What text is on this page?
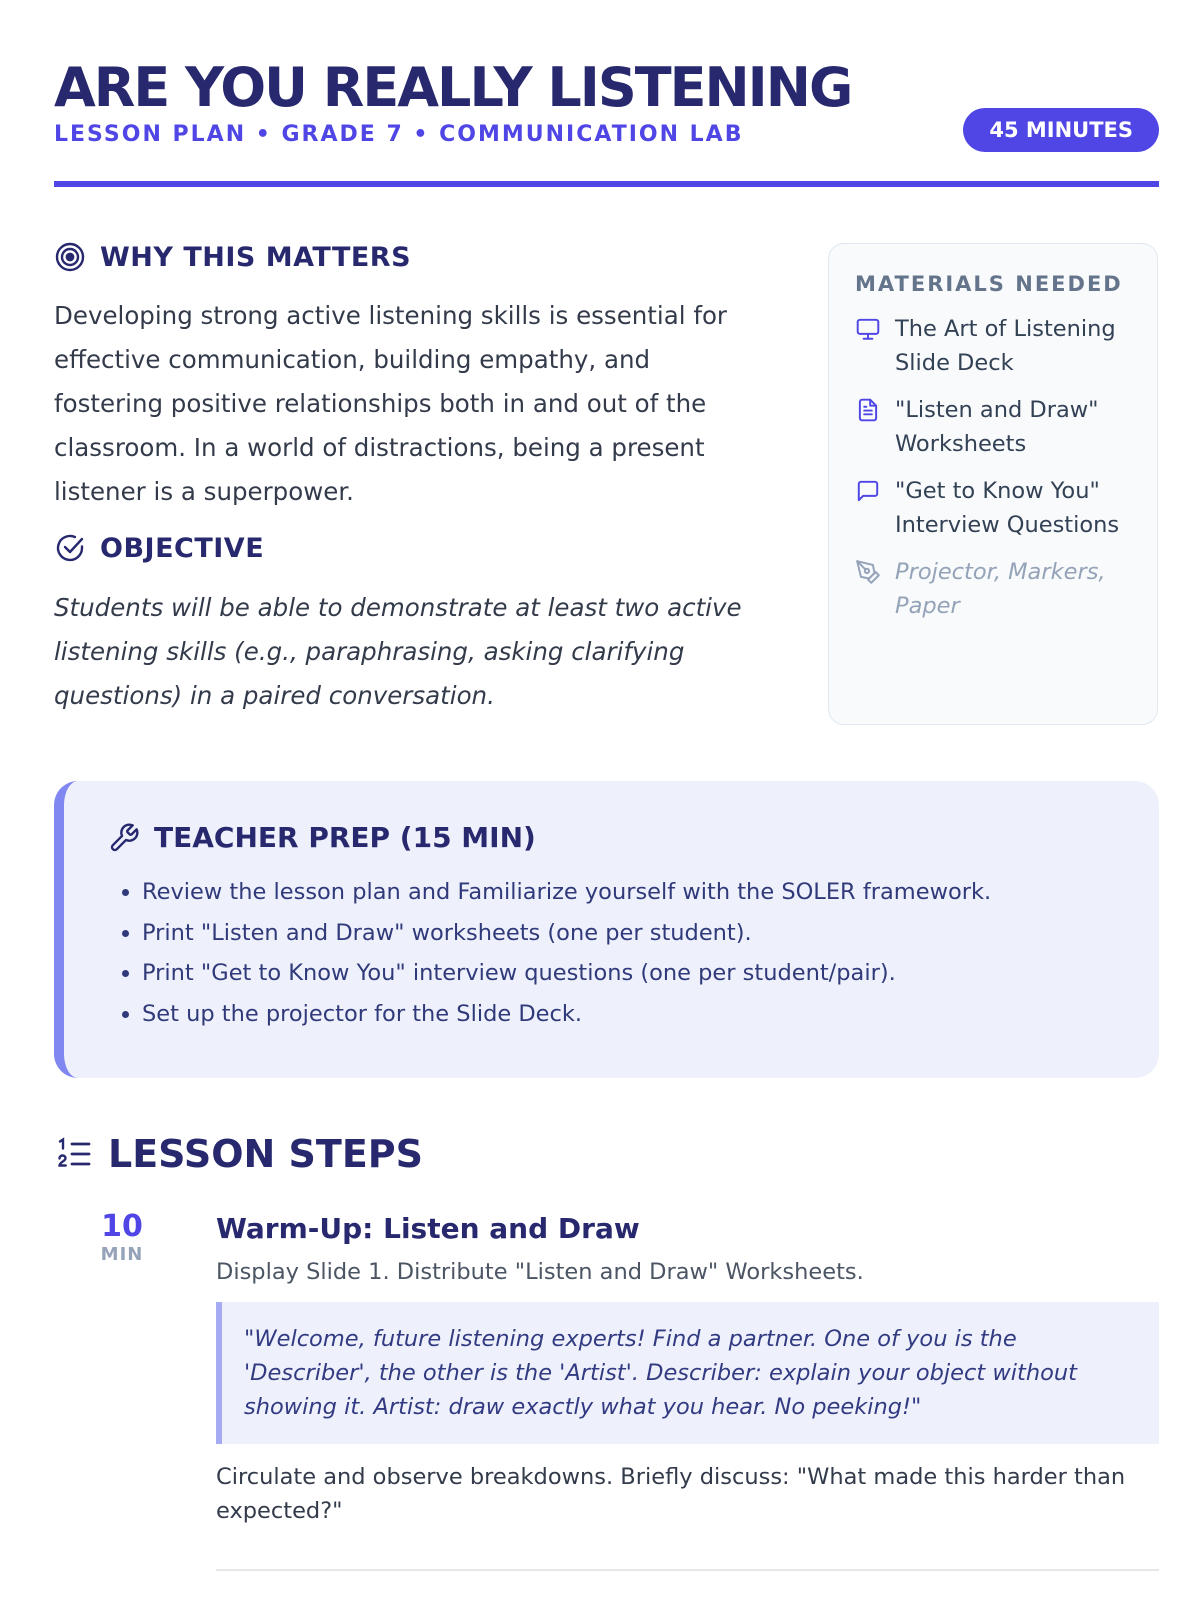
ARE YOU REALLY LISTENING
LESSON PLAN • GRADE 7 • COMMUNICATION LAB	45 MINUTES
WHY THIS MATTERS

Developing strong active listening skills is essential for effective communication, building empathy, and fostering positive relationships both in and out of the classroom. In a world of distractions, being a present listener is a superpower.

OBJECTIVE

Students will be able to demonstrate at least two active listening skills (e.g., paraphrasing, asking clarifying questions) in a paired conversation.

MATERIALS NEEDED
The Art of Listening Slide Deck
"Listen and Draw" Worksheets
"Get to Know You" Interview Questions
Projector, Markers, Paper
TEACHER PREP (15 MIN)
• Review the lesson plan and Familiarize yourself with the SOLER framework.
• Print "Listen and Draw" worksheets (one per student).
• Print "Get to Know You" interview questions (one per student/pair).
• Set up the projector for the Slide Deck.
LESSON STEPS
10
MIN
Warm-Up: Listen and Draw

Display Slide 1. Distribute "Listen and Draw" Worksheets.

"Welcome, future listening experts! Find a partner. One of you is the 'Describer', the other is the 'Artist'. Describer: explain your object without showing it. Artist: draw exactly what you hear. No peeking!"

Circulate and observe breakdowns. Briefly discuss: "What made this harder than expected?"
